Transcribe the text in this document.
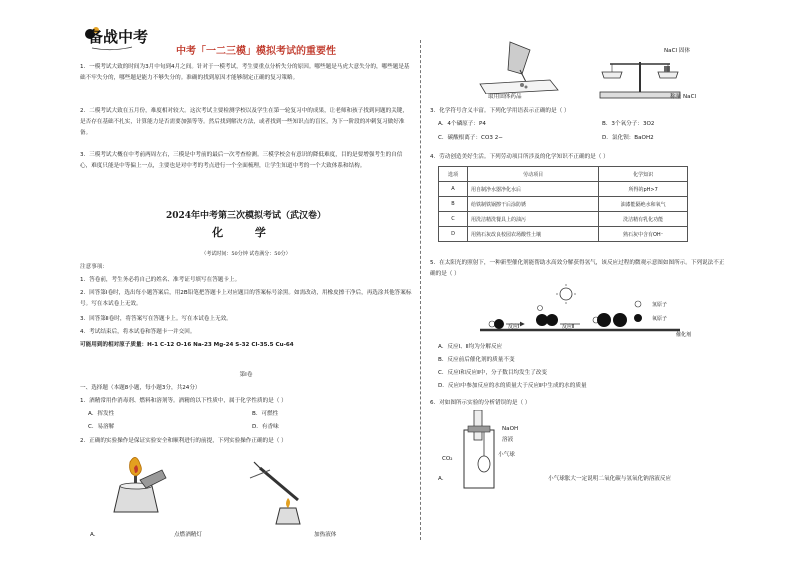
备战中考
中考「一二三模」模拟考试的重要性
1．一模考试大致的时间为3月中旬到4月之间。针对于一模考试，考生要重点分析失分的原因。哪些题是马虎大意失分的，哪些题是基础不牢失分的，哪些题是能力不够失分的。准确的找到原因才能够制定正确的复习策略。
2．二模考试大致在五月份，难度相对较大。这次考试主要检测学校以及学生在第一轮复习中的成果，让老师和孩子找到问题的关键，是否存在基础不扎实，计算能力是否需要加强等等。然后找到解决方法，或者找到一些知识点的盲区，为下一阶段的冲刺复习做好准备。
3．三模考试大概在中考前两周左右，三模是中考前的最后一次考查检测。三模学校会有意识的降低难度，目的是要增强考生的自信心，难度只能是中等偏上一点，主要也是对中考的考点进行一个全面梳理，让学生知道中考的一个大致体系和结构。
2024年中考第三次模拟考试（武汉卷）
化 学
（考试时间：50分钟 试卷满分：50分）
注意事项：
1．答卷前，考生务必将自己的姓名、准考证号填写在答题卡上。
2．回答第Ⅰ卷时，选出每小题答案后，用2B铅笔把答题卡上对应题目的答案标号涂黑。如需改动，用橡皮擦干净后，再选涂其他答案标号。写在本试卷上无效。
3．回答第Ⅱ卷时，将答案写在答题卡上。写在本试卷上无效。
4．考试结束后，将本试卷和答题卡一并交回。
可能用到的相对原子质量：H-1 C-12 O-16 Na-23 Mg-24 S-32 Cl-35.5 Cu-64
第Ⅰ卷
一、选择题（本题8小题，每小题3分，共24分）
1．酒精常用作消毒剂、燃料和溶剂等。酒精的以下性质中，属于化学性质的是（ ）
A．挥发性	B．可燃性
C．易溶解	D．有香味
2．正确的实验操作是保证实验安全和顺利进行的前提，下列实验操作正确的是（ ）
A．	点燃酒精灯	加热液体
取用固体药品
NaCl 固体
称量 NaCl
3．化学符号含义丰富。下列化学用语表示正确的是（ ）
A．4个磷原子：P4	B．3个氧分子：3O2
C．碳酸根离子：CO3 2−	D．氯化钡：BaOH2
4．劳动创造美好生活。下列劳动项目所涉及的化学知识不正确的是（ ）
选项	劳动项目	化学知识
A	用自制净水器净化水后	所得的pH>7
B	给铁制铁锅擦干后涂防锈	油漆能隔绝水和氧气
C	用洗洁精洗餐具上的油污	洗洁精有乳化功能
D	用熟石灰改良校园农场酸性土壤	熟石灰中含有OH⁻
5．在太阳光的照射下，一种新型催化剂能帮助水高效分解获得氢气，该反应过程的微观示意图如图所示。下列说法不正确的是（ ）
反应Ⅰ	反应Ⅱ
氢原子
氧原子
催化剂
A．反应Ⅰ、Ⅱ均为分解反应
B．反应前后催化剂的质量不变
C．反应Ⅰ和反应Ⅱ中，分子数目均发生了改变
D．反应Ⅰ中参加反应的水的质量大于反应Ⅱ中生成的水的质量
6．对如图所示实验的分析错误的是（ ）
CO₂
NaOH
溶液
小气球
A．	小气球胀大一定说明二氧化碳与氢氧化钠溶液反应
